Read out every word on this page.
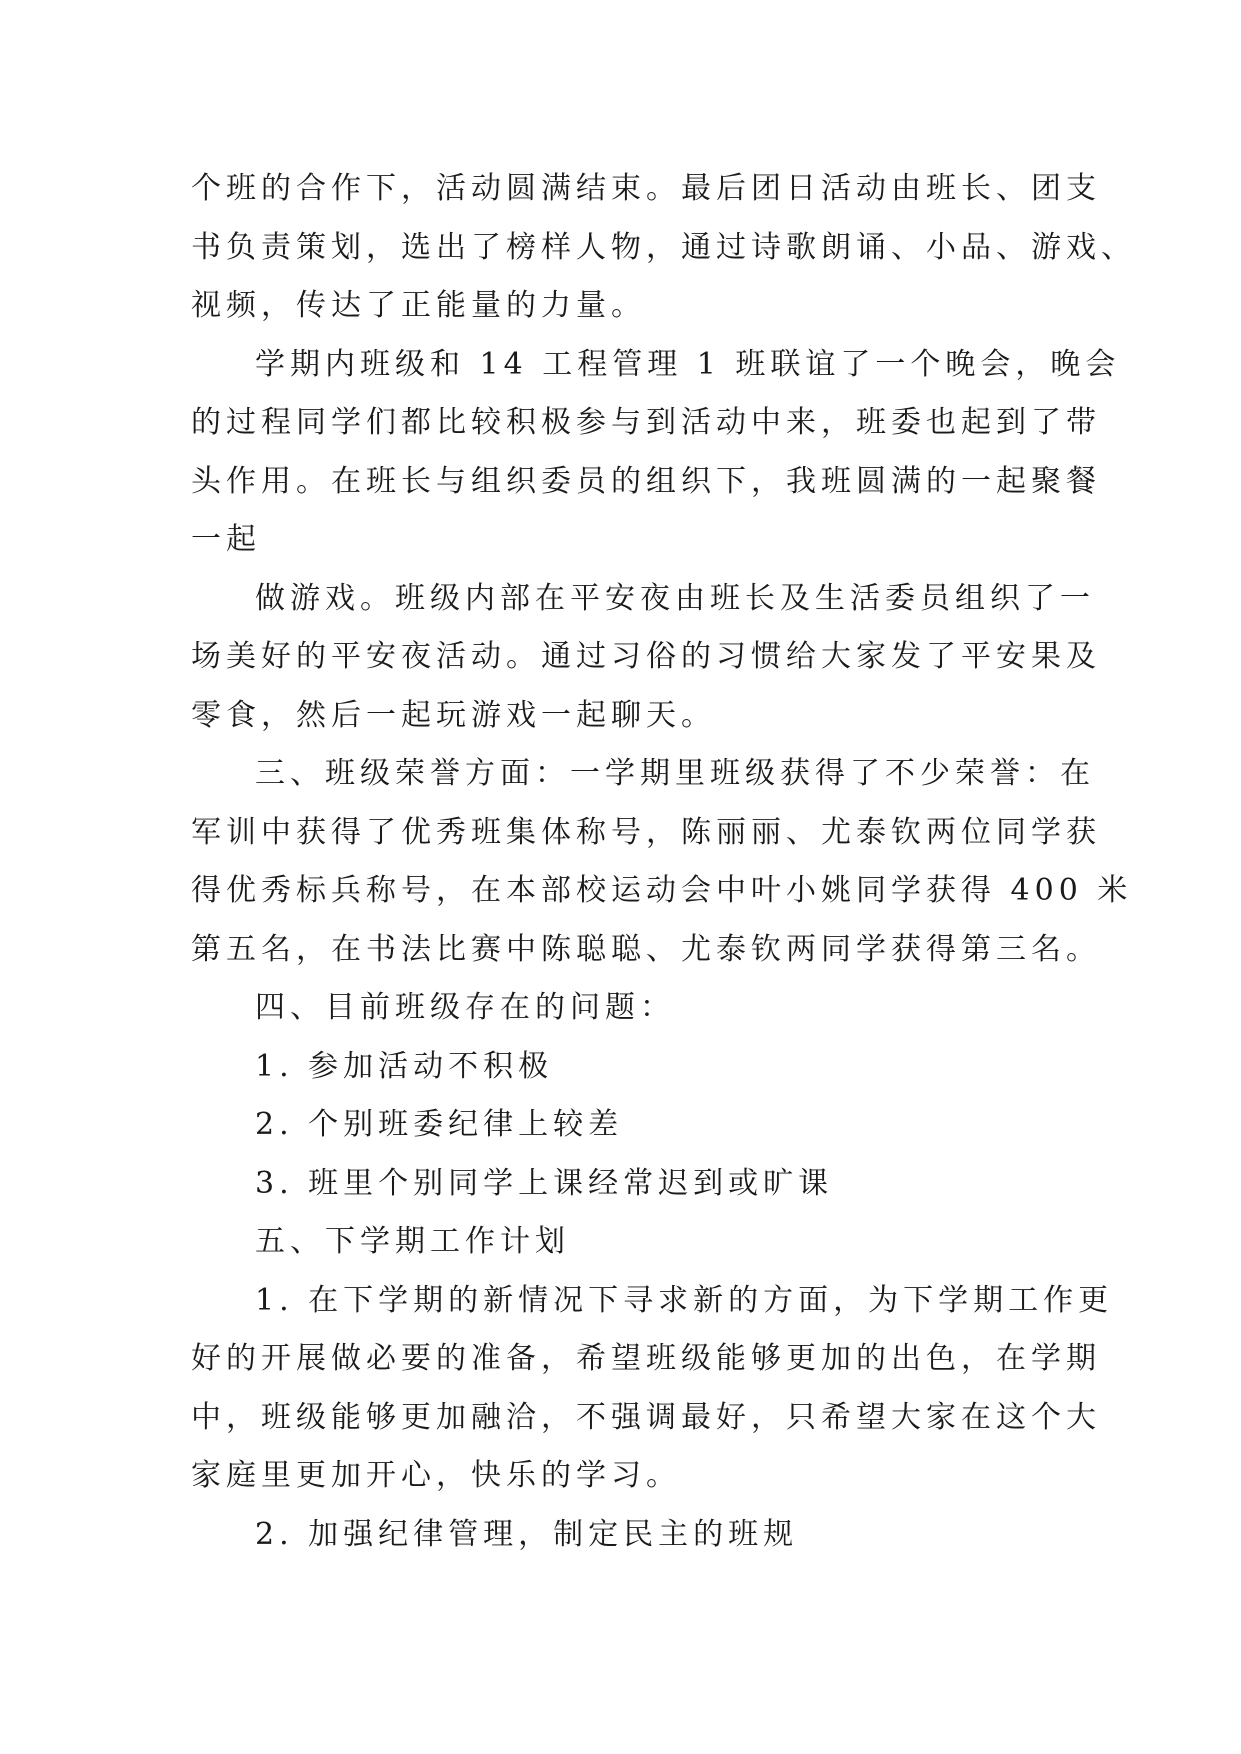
个班的合作下，活动圆满结束。最后团日活动由班长、团支
书负责策划，选出了榜样人物，通过诗歌朗诵、小品、游戏、
视频，传达了正能量的力量。

学期内班级和 14 工程管理 1 班联谊了一个晚会，晚会
的过程同学们都比较积极参与到活动中来，班委也起到了带
头作用。在班长与组织委员的组织下，我班圆满的一起聚餐
一起

做游戏。班级内部在平安夜由班长及生活委员组织了一
场美好的平安夜活动。通过习俗的习惯给大家发了平安果及
零食，然后一起玩游戏一起聊天。

三、班级荣誉方面：一学期里班级获得了不少荣誉：在
军训中获得了优秀班集体称号，陈丽丽、尤泰钦两位同学获
得优秀标兵称号，在本部校运动会中叶小姚同学获得 400 米
第五名，在书法比赛中陈聪聪、尤泰钦两同学获得第三名。

四、目前班级存在的问题：

1. 参加活动不积极

2. 个别班委纪律上较差

3. 班里个别同学上课经常迟到或旷课

五、下学期工作计划

1. 在下学期的新情况下寻求新的方面，为下学期工作更
好的开展做必要的准备，希望班级能够更加的出色，在学期
中，班级能够更加融洽，不强调最好，只希望大家在这个大
家庭里更加开心，快乐的学习。

2. 加强纪律管理，制定民主的班规
